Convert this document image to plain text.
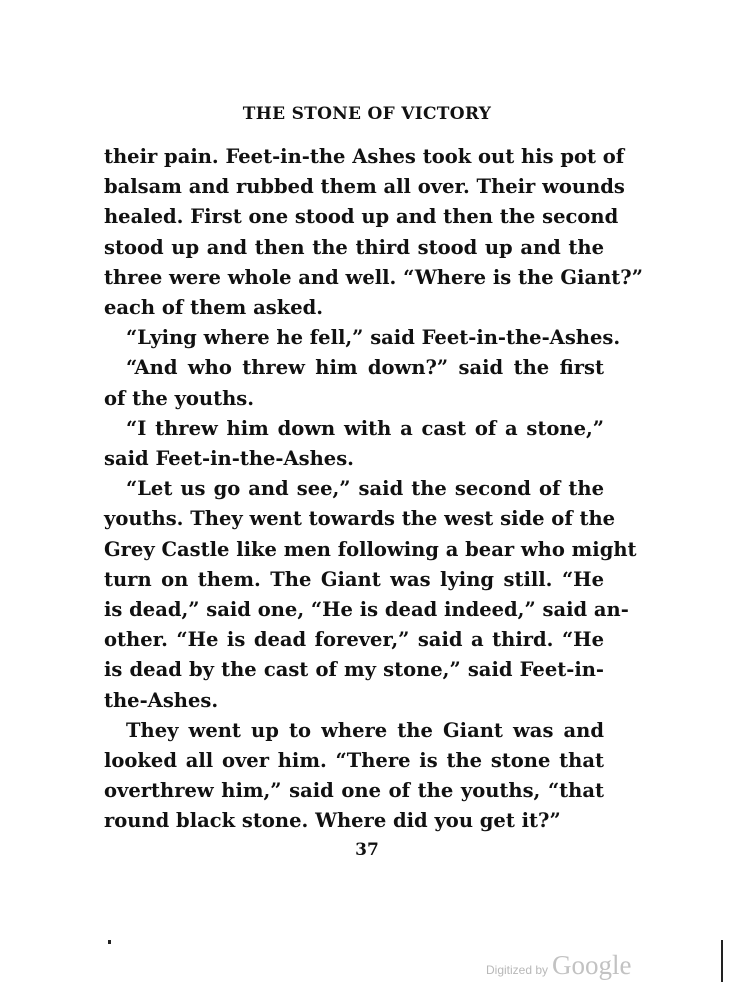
THE STONE OF VICTORY
their pain. Feet-in-the Ashes took out his pot of
balsam and rubbed them all over. Their wounds
healed. First one stood up and then the second
stood up and then the third stood up and the
three were whole and well. “Where is the Giant?”
each of them asked.
“Lying where he fell,” said Feet-in-the-Ashes.
“And who threw him down?” said the first
of the youths.
“I threw him down with a cast of a stone,”
said Feet-in-the-Ashes.
“Let us go and see,” said the second of the
youths. They went towards the west side of the
Grey Castle like men following a bear who might
turn on them. The Giant was lying still. “He
is dead,” said one, “He is dead indeed,” said an-
other. “He is dead forever,” said a third. “He
is dead by the cast of my stone,” said Feet-in-
the-Ashes.
They went up to where the Giant was and
looked all over him. “There is the stone that
overthrew him,” said one of the youths, “that
round black stone. Where did you get it?”
37
Digitized by Google
